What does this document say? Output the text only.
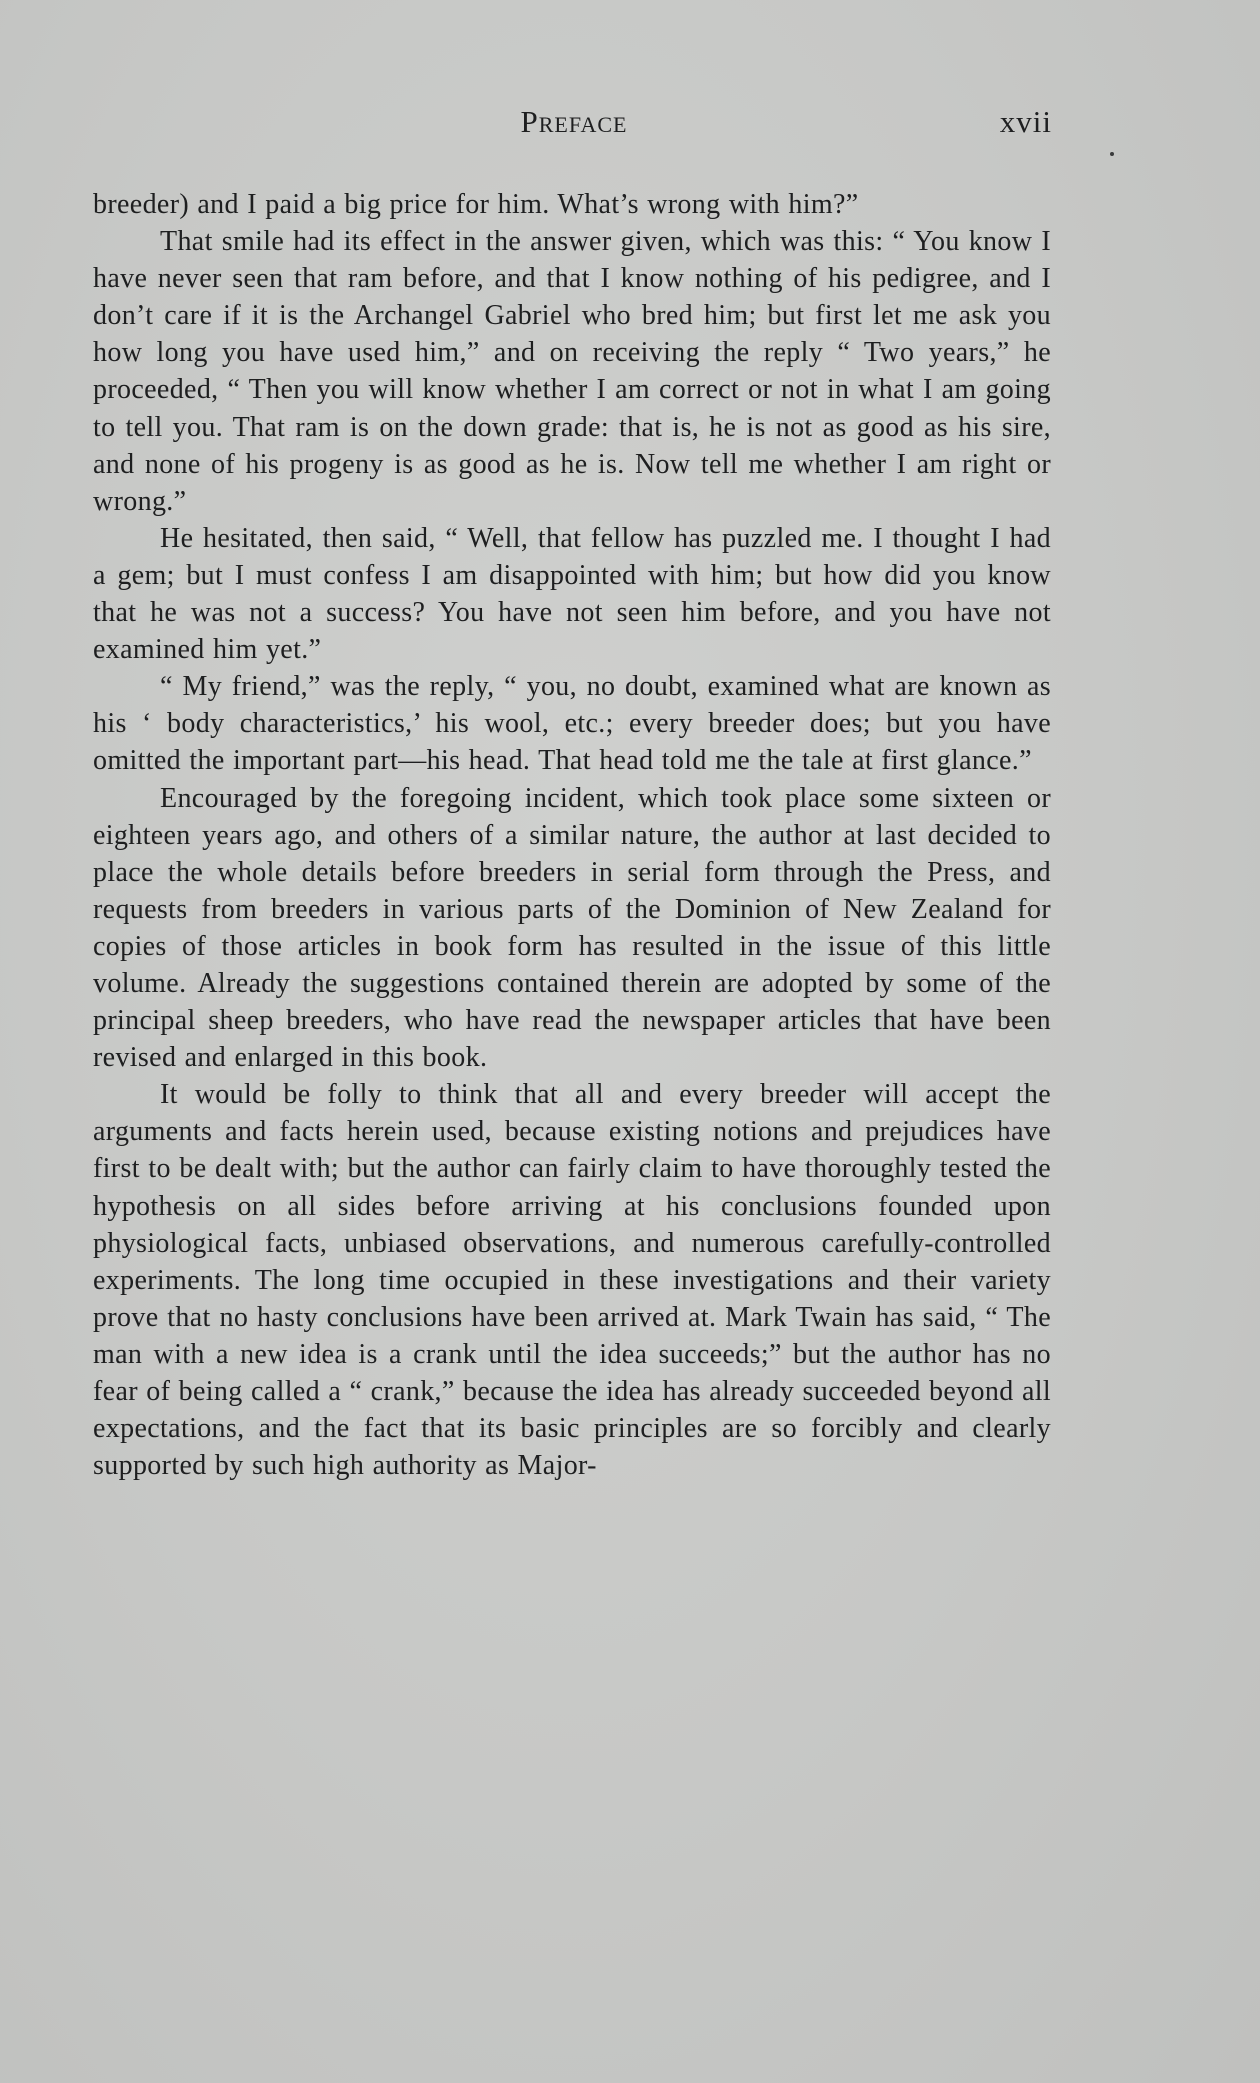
Preface	xvii

breeder) and I paid a big price for him. What’s wrong with him?”

That smile had its effect in the answer given, which was this: “ You know I have never seen that ram before, and that I know nothing of his pedigree, and I don’t care if it is the Archangel Gabriel who bred him; but first let me ask you how long you have used him,” and on receiving the reply “ Two years,” he proceeded, “ Then you will know whether I am correct or not in what I am going to tell you. That ram is on the down grade: that is, he is not as good as his sire, and none of his progeny is as good as he is. Now tell me whether I am right or wrong.”

He hesitated, then said, “ Well, that fellow has puzzled me. I thought I had a gem; but I must confess I am disappointed with him; but how did you know that he was not a success? You have not seen him before, and you have not examined him yet.”

“ My friend,” was the reply, “ you, no doubt, examined what are known as his ‘ body characteristics,’ his wool, etc.; every breeder does; but you have omitted the important part—his head. That head told me the tale at first glance.”

Encouraged by the foregoing incident, which took place some sixteen or eighteen years ago, and others of a similar nature, the author at last decided to place the whole details before breeders in serial form through the Press, and requests from breeders in various parts of the Dominion of New Zealand for copies of those articles in book form has resulted in the issue of this little volume. Already the suggestions contained therein are adopted by some of the principal sheep breeders, who have read the newspaper articles that have been revised and enlarged in this book.

It would be folly to think that all and every breeder will accept the arguments and facts herein used, because existing notions and prejudices have first to be dealt with; but the author can fairly claim to have thoroughly tested the hypothesis on all sides before arriving at his conclusions founded upon physiological facts, unbiased observations, and numerous carefully-controlled experiments. The long time occupied in these investigations and their variety prove that no hasty conclusions have been arrived at. Mark Twain has said, “ The man with a new idea is a crank until the idea succeeds;” but the author has no fear of being called a “ crank,” because the idea has already succeeded beyond all expectations, and the fact that its basic principles are so forcibly and clearly supported by such high authority as Major-
